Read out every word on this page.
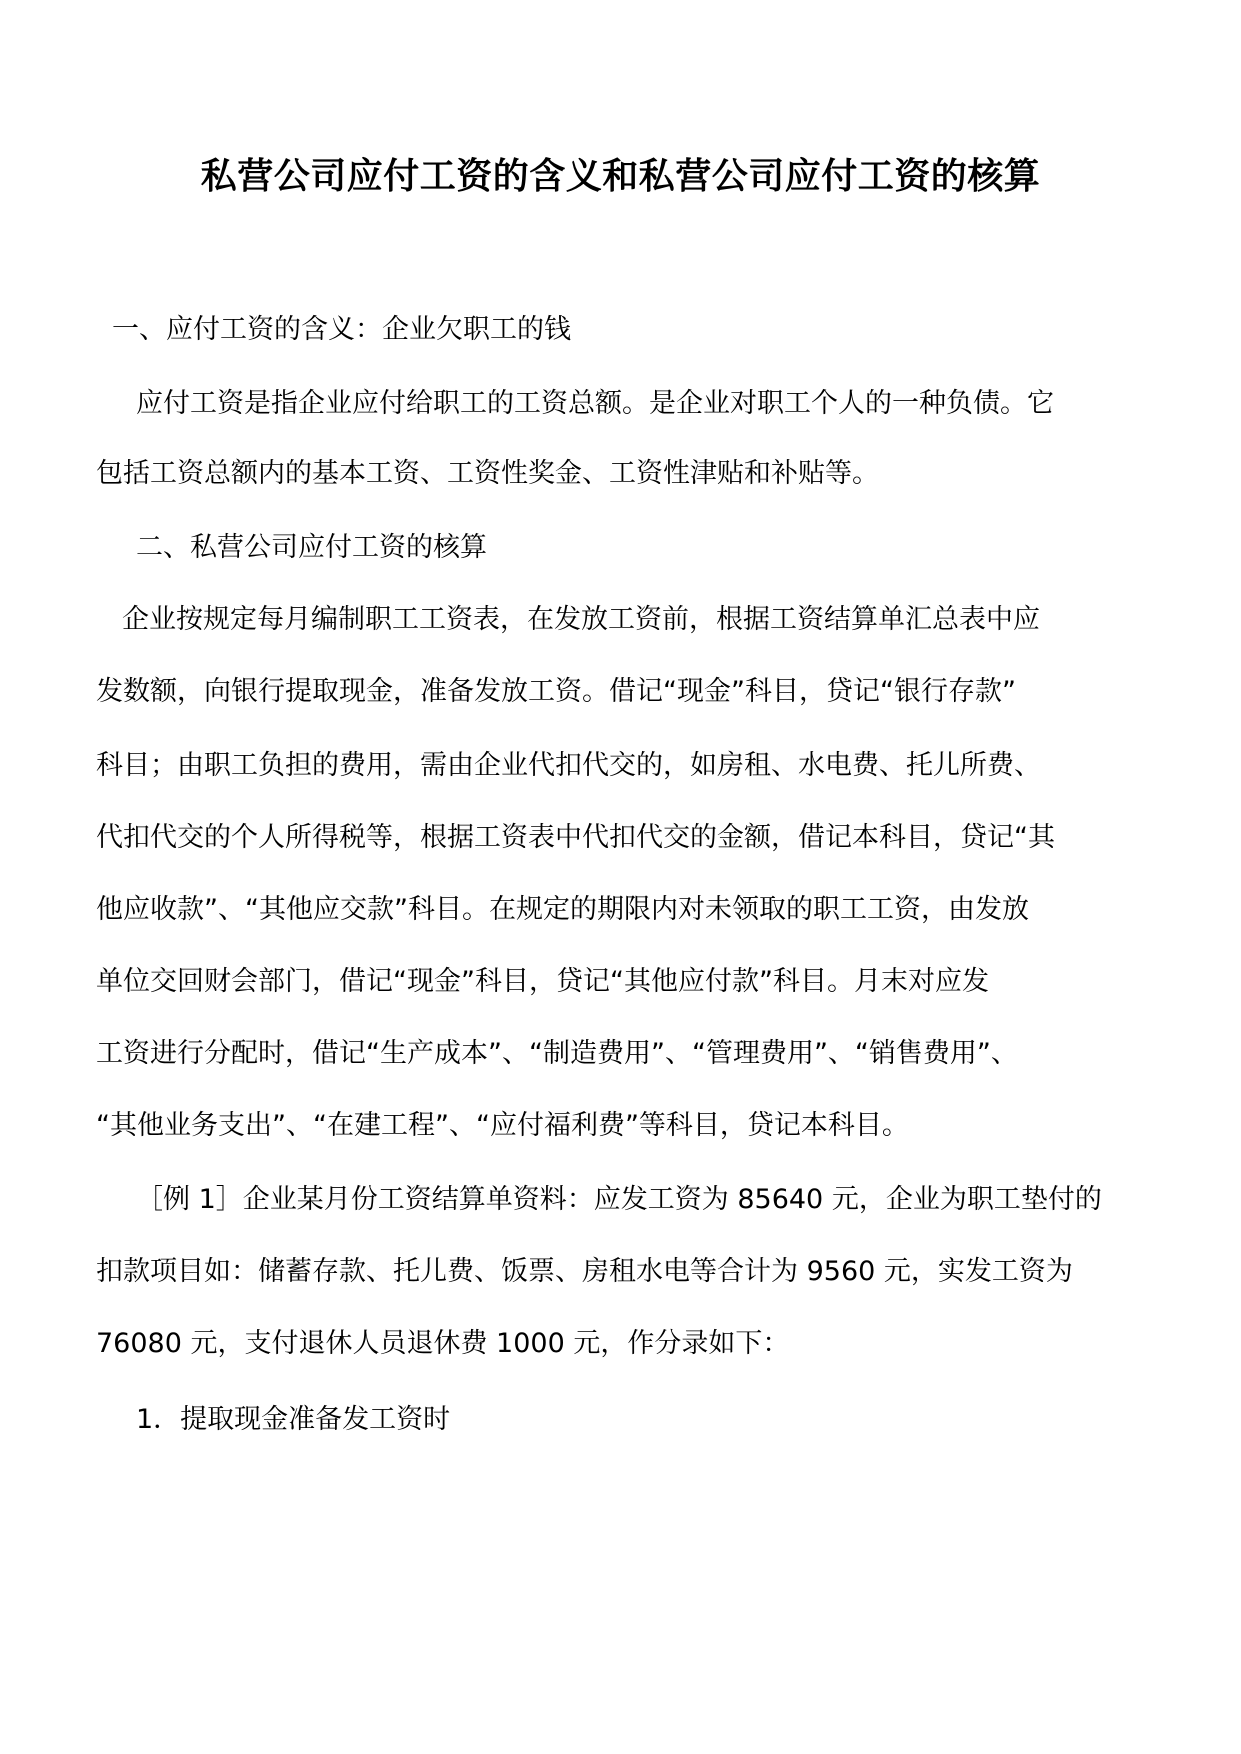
私营公司应付工资的含义和私营公司应付工资的核算

一、应付工资的含义：企业欠职工的钱

应付工资是指企业应付给职工的工资总额。是企业对职工个人的一种负债。它

包括工资总额内的基本工资、工资性奖金、工资性津贴和补贴等。

二、私营公司应付工资的核算

企业按规定每月编制职工工资表，在发放工资前，根据工资结算单汇总表中应

发数额，向银行提取现金，准备发放工资。借记“现金”科目，贷记“银行存款”

科目；由职工负担的费用，需由企业代扣代交的，如房租、水电费、托儿所费、

代扣代交的个人所得税等，根据工资表中代扣代交的金额，借记本科目，贷记“其

他应收款”、“其他应交款”科目。在规定的期限内对未领取的职工工资，由发放

单位交回财会部门，借记“现金”科目，贷记“其他应付款”科目。月末对应发

工资进行分配时，借记“生产成本”、“制造费用”、“管理费用”、“销售费用”、

“其他业务支出”、“在建工程”、“应付福利费”等科目，贷记本科目。

［例 1］企业某月份工资结算单资料：应发工资为 85640 元，企业为职工垫付的

扣款项目如：储蓄存款、托儿费、饭票、房租水电等合计为 9560 元，实发工资为

76080 元，支付退休人员退休费 1000 元，作分录如下：

1．提取现金准备发工资时
